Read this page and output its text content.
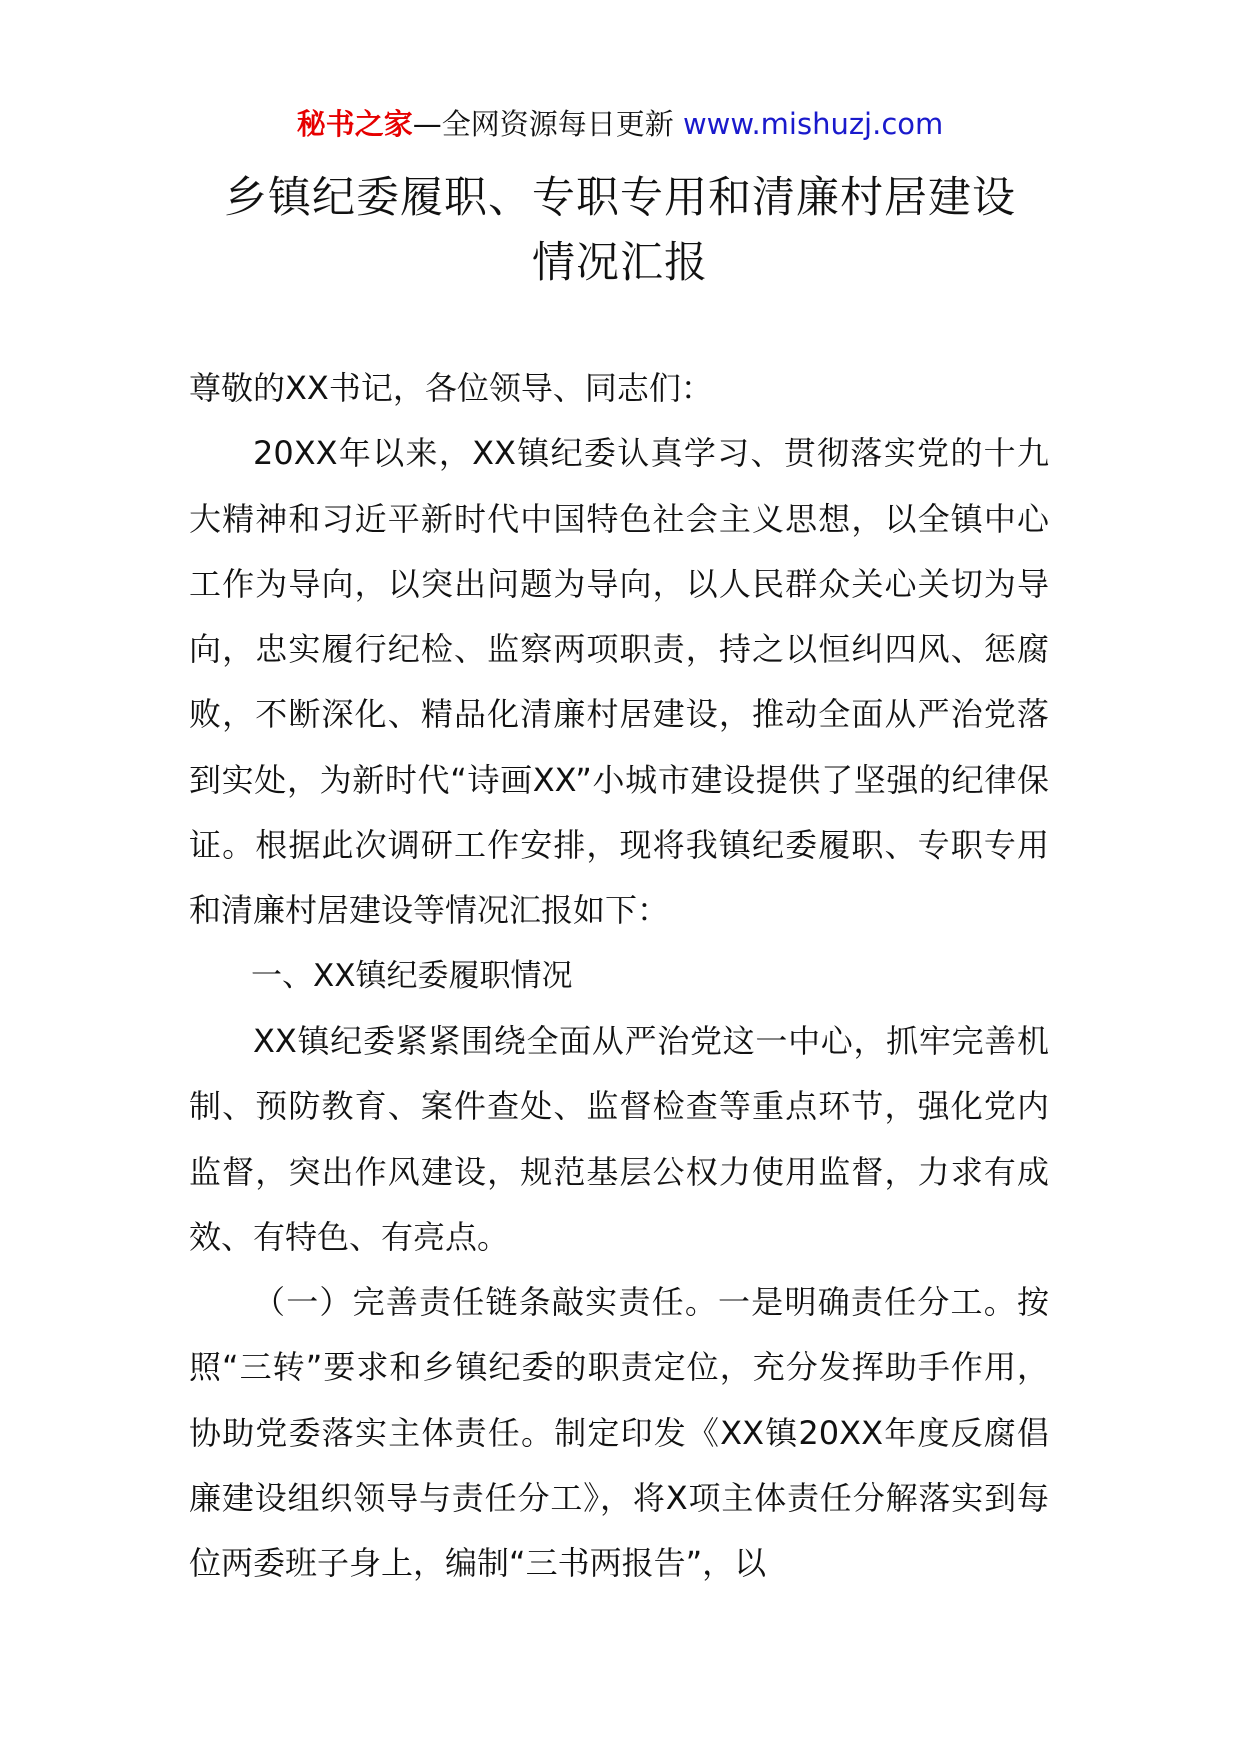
秘书之家—全网资源每日更新 www.mishuzj.com
乡镇纪委履职、专职专用和清廉村居建设
情况汇报

尊敬的XX书记，各位领导、同志们：

20XX年以来，XX镇纪委认真学习、贯彻落实党的十九大精神和习近平新时代中国特色社会主义思想，以全镇中心工作为导向，以突出问题为导向，以人民群众关心关切为导向，忠实履行纪检、监察两项职责，持之以恒纠四风、惩腐败，不断深化、精品化清廉村居建设，推动全面从严治党落到实处，为新时代“诗画XX”小城市建设提供了坚强的纪律保证。根据此次调研工作安排，现将我镇纪委履职、专职专用和清廉村居建设等情况汇报如下：

一、XX镇纪委履职情况

XX镇纪委紧紧围绕全面从严治党这一中心，抓牢完善机制、预防教育、案件查处、监督检查等重点环节，强化党内监督，突出作风建设，规范基层公权力使用监督，力求有成效、有特色、有亮点。

（一）完善责任链条敲实责任。一是明确责任分工。按照“三转”要求和乡镇纪委的职责定位，充分发挥助手作用，协助党委落实主体责任。制定印发《XX镇20XX年度反腐倡廉建设组织领导与责任分工》，将X项主体责任分解落实到每位两委班子身上，编制“三书两报告”，以
